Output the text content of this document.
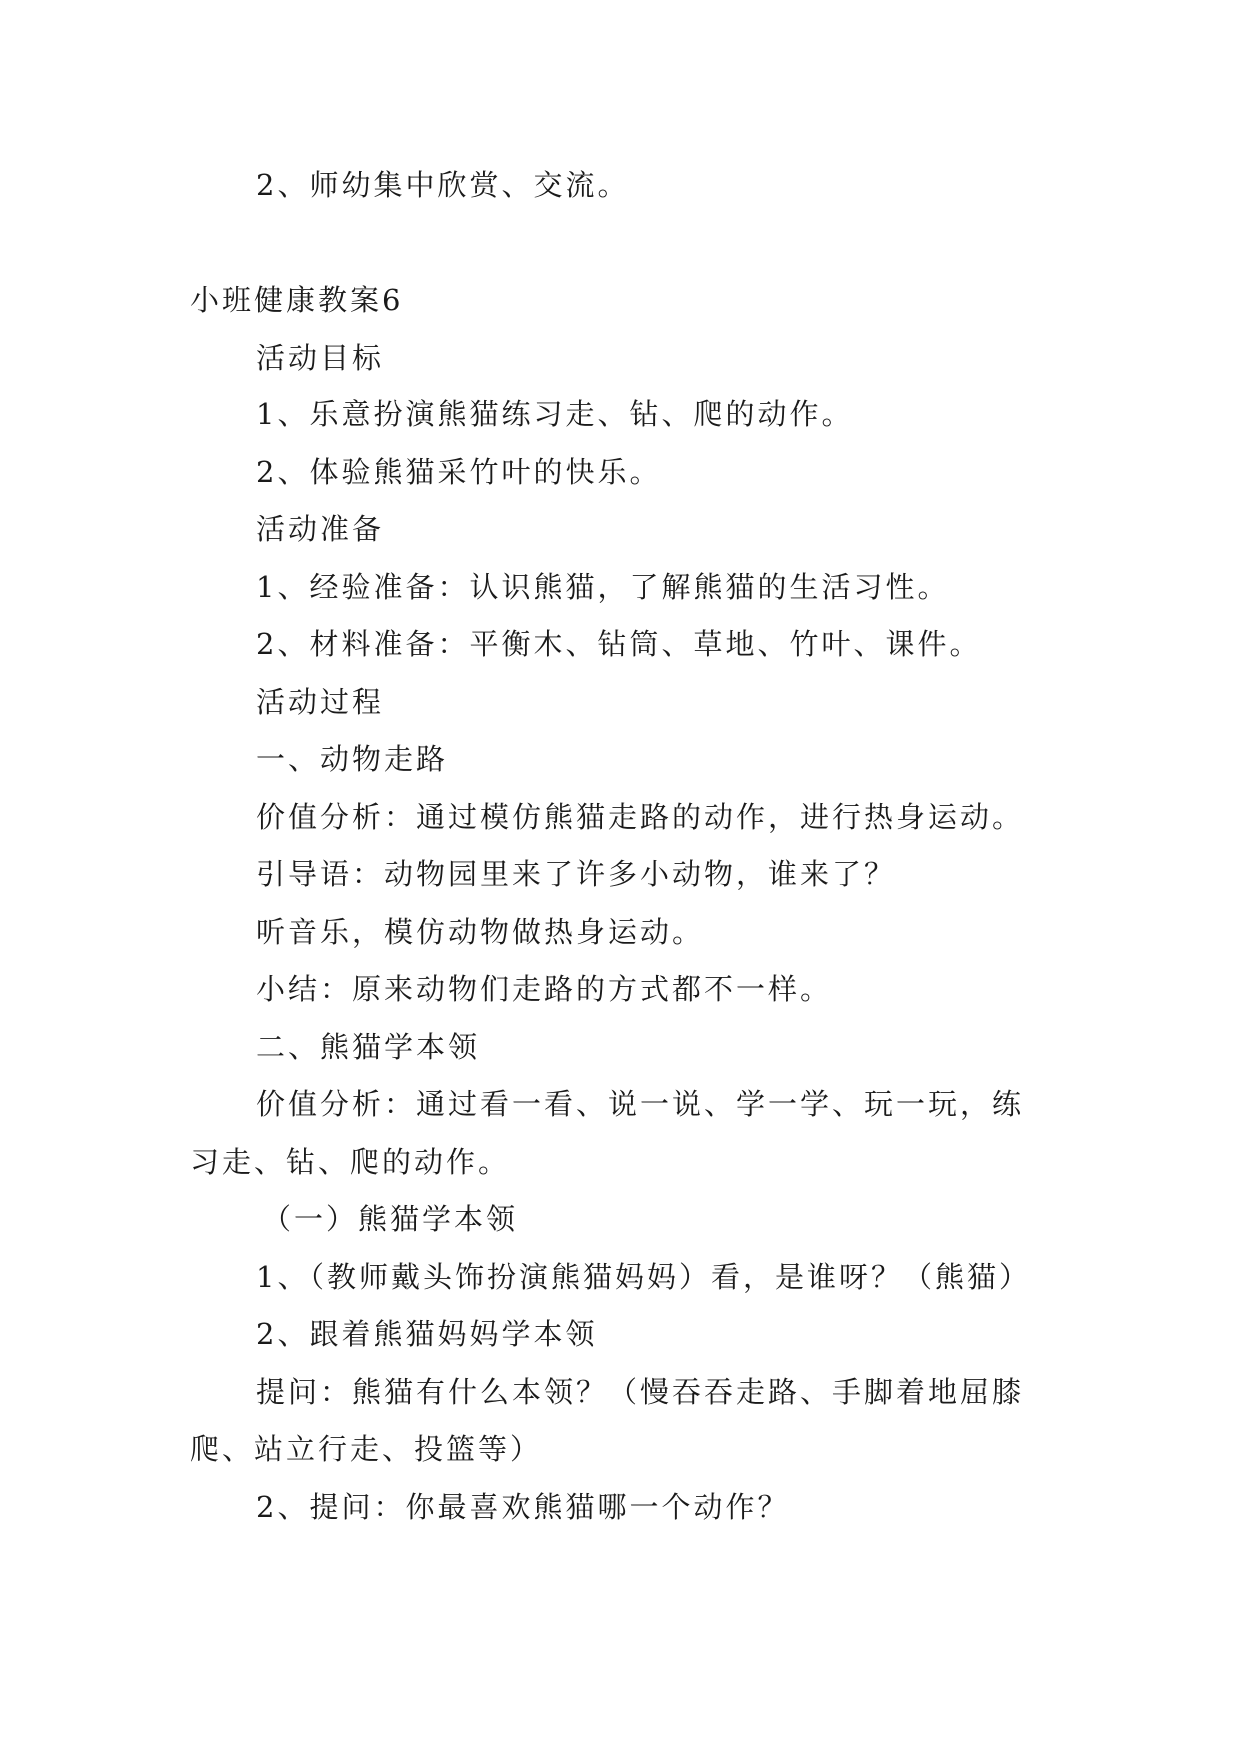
2、师幼集中欣赏、交流。
小班健康教案6
活动目标
1、乐意扮演熊猫练习走、钻、爬的动作。
2、体验熊猫采竹叶的快乐。
活动准备
1、经验准备：认识熊猫，了解熊猫的生活习性。
2、材料准备：平衡木、钻筒、草地、竹叶、课件。
活动过程
一、动物走路
价值分析：通过模仿熊猫走路的动作，进行热身运动。
引导语：动物园里来了许多小动物，谁来了？
听音乐，模仿动物做热身运动。
小结：原来动物们走路的方式都不一样。
二、熊猫学本领
价值分析：通过看一看、说一说、学一学、玩一玩，练
习走、钻、爬的动作。
（一）熊猫学本领
1、（教师戴头饰扮演熊猫妈妈）看，是谁呀？（熊猫）
2、跟着熊猫妈妈学本领
提问：熊猫有什么本领？（慢吞吞走路、手脚着地屈膝
爬、站立行走、投篮等）
2、提问：你最喜欢熊猫哪一个动作？
